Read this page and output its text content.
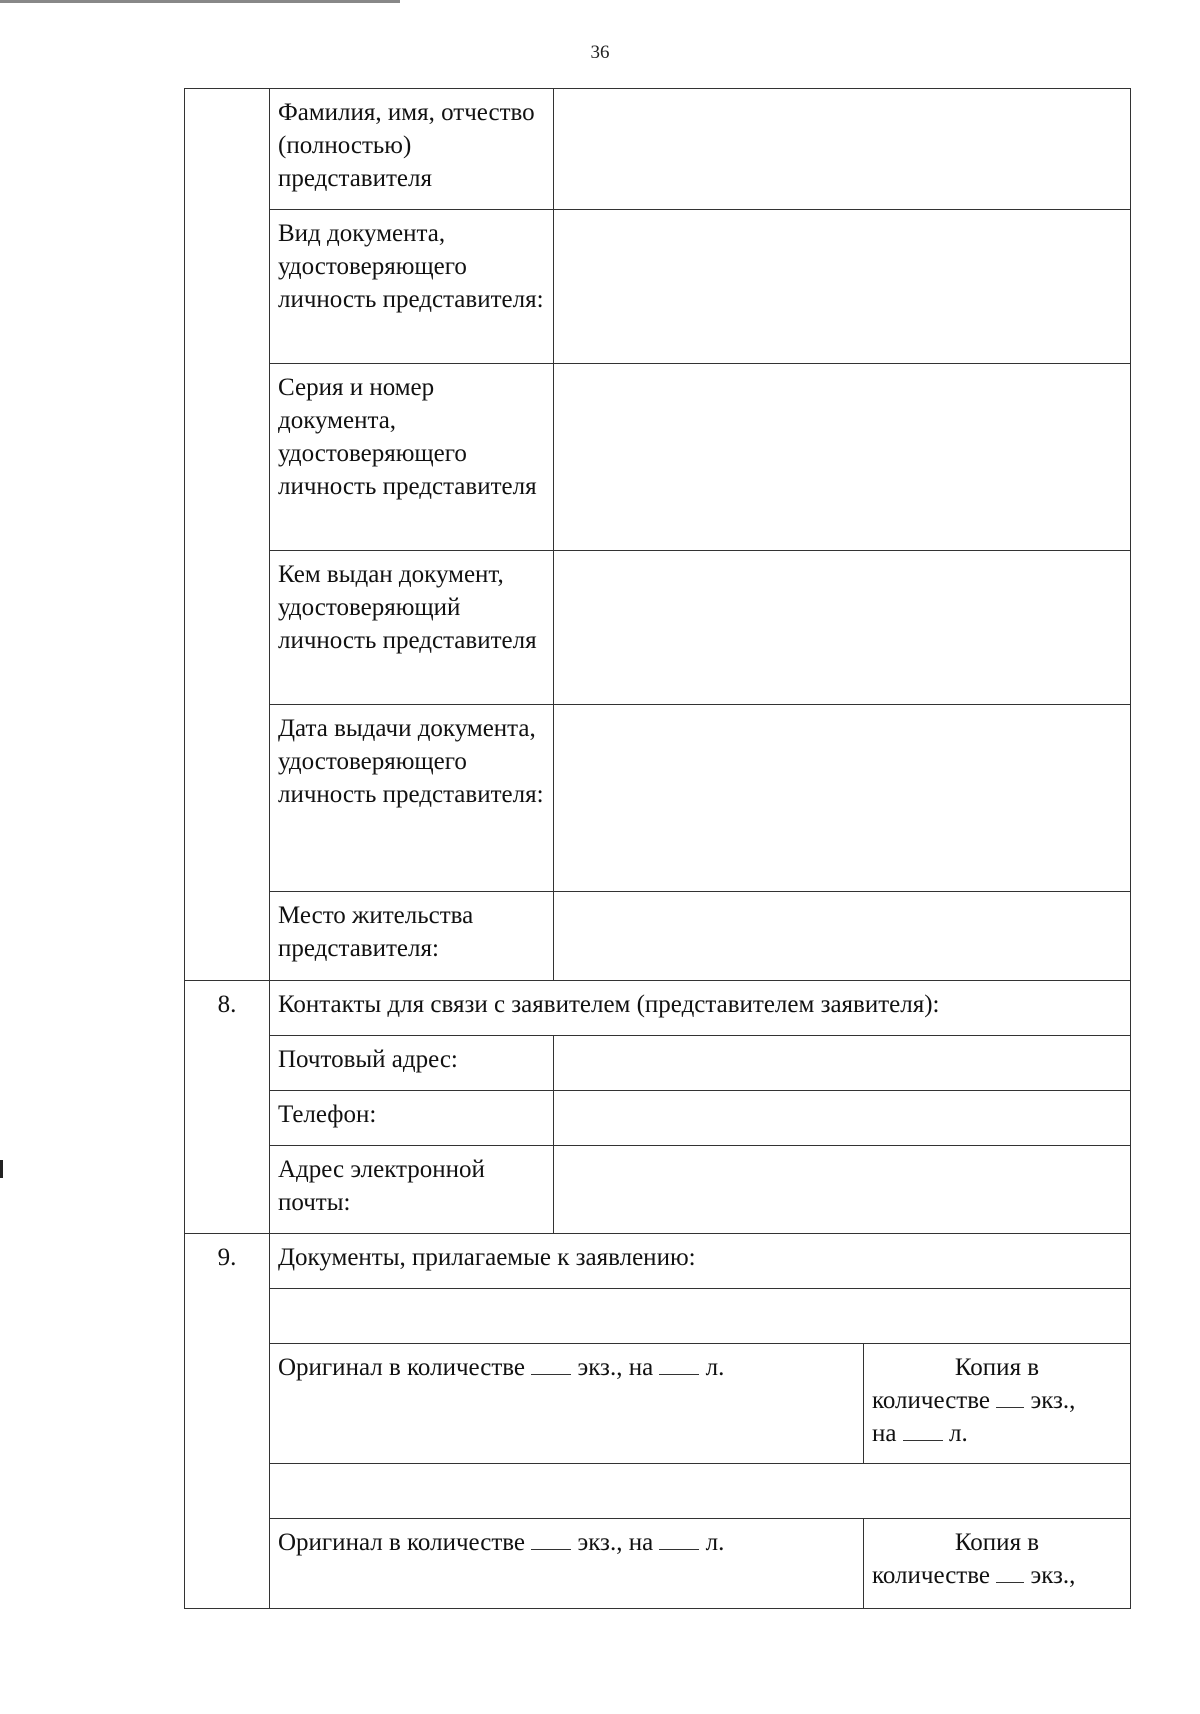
36
	Фамилия, имя, отчество (полностью) представителя		
	Вид документа, удостоверяющего личность представителя:		
	Серия и номер документа, удостоверяющего личность представителя		
	Кем выдан документ, удостоверяющий личность представителя		
	Дата выдачи документа, удостоверяющего личность представителя:		
	Место жительства представителя:		
8.	Контакты для связи с заявителем (представителем заявителя):		
	Почтовый адрес:		
	Телефон:		
	Адрес электронной почты:		
9.	Документы, прилагаемые к заявлению:		

	Оригинал в количестве экз., на л.		Копия в
количестве экз.,
на л.

	Оригинал в количестве экз., на л.		Копия в
количестве экз.,
